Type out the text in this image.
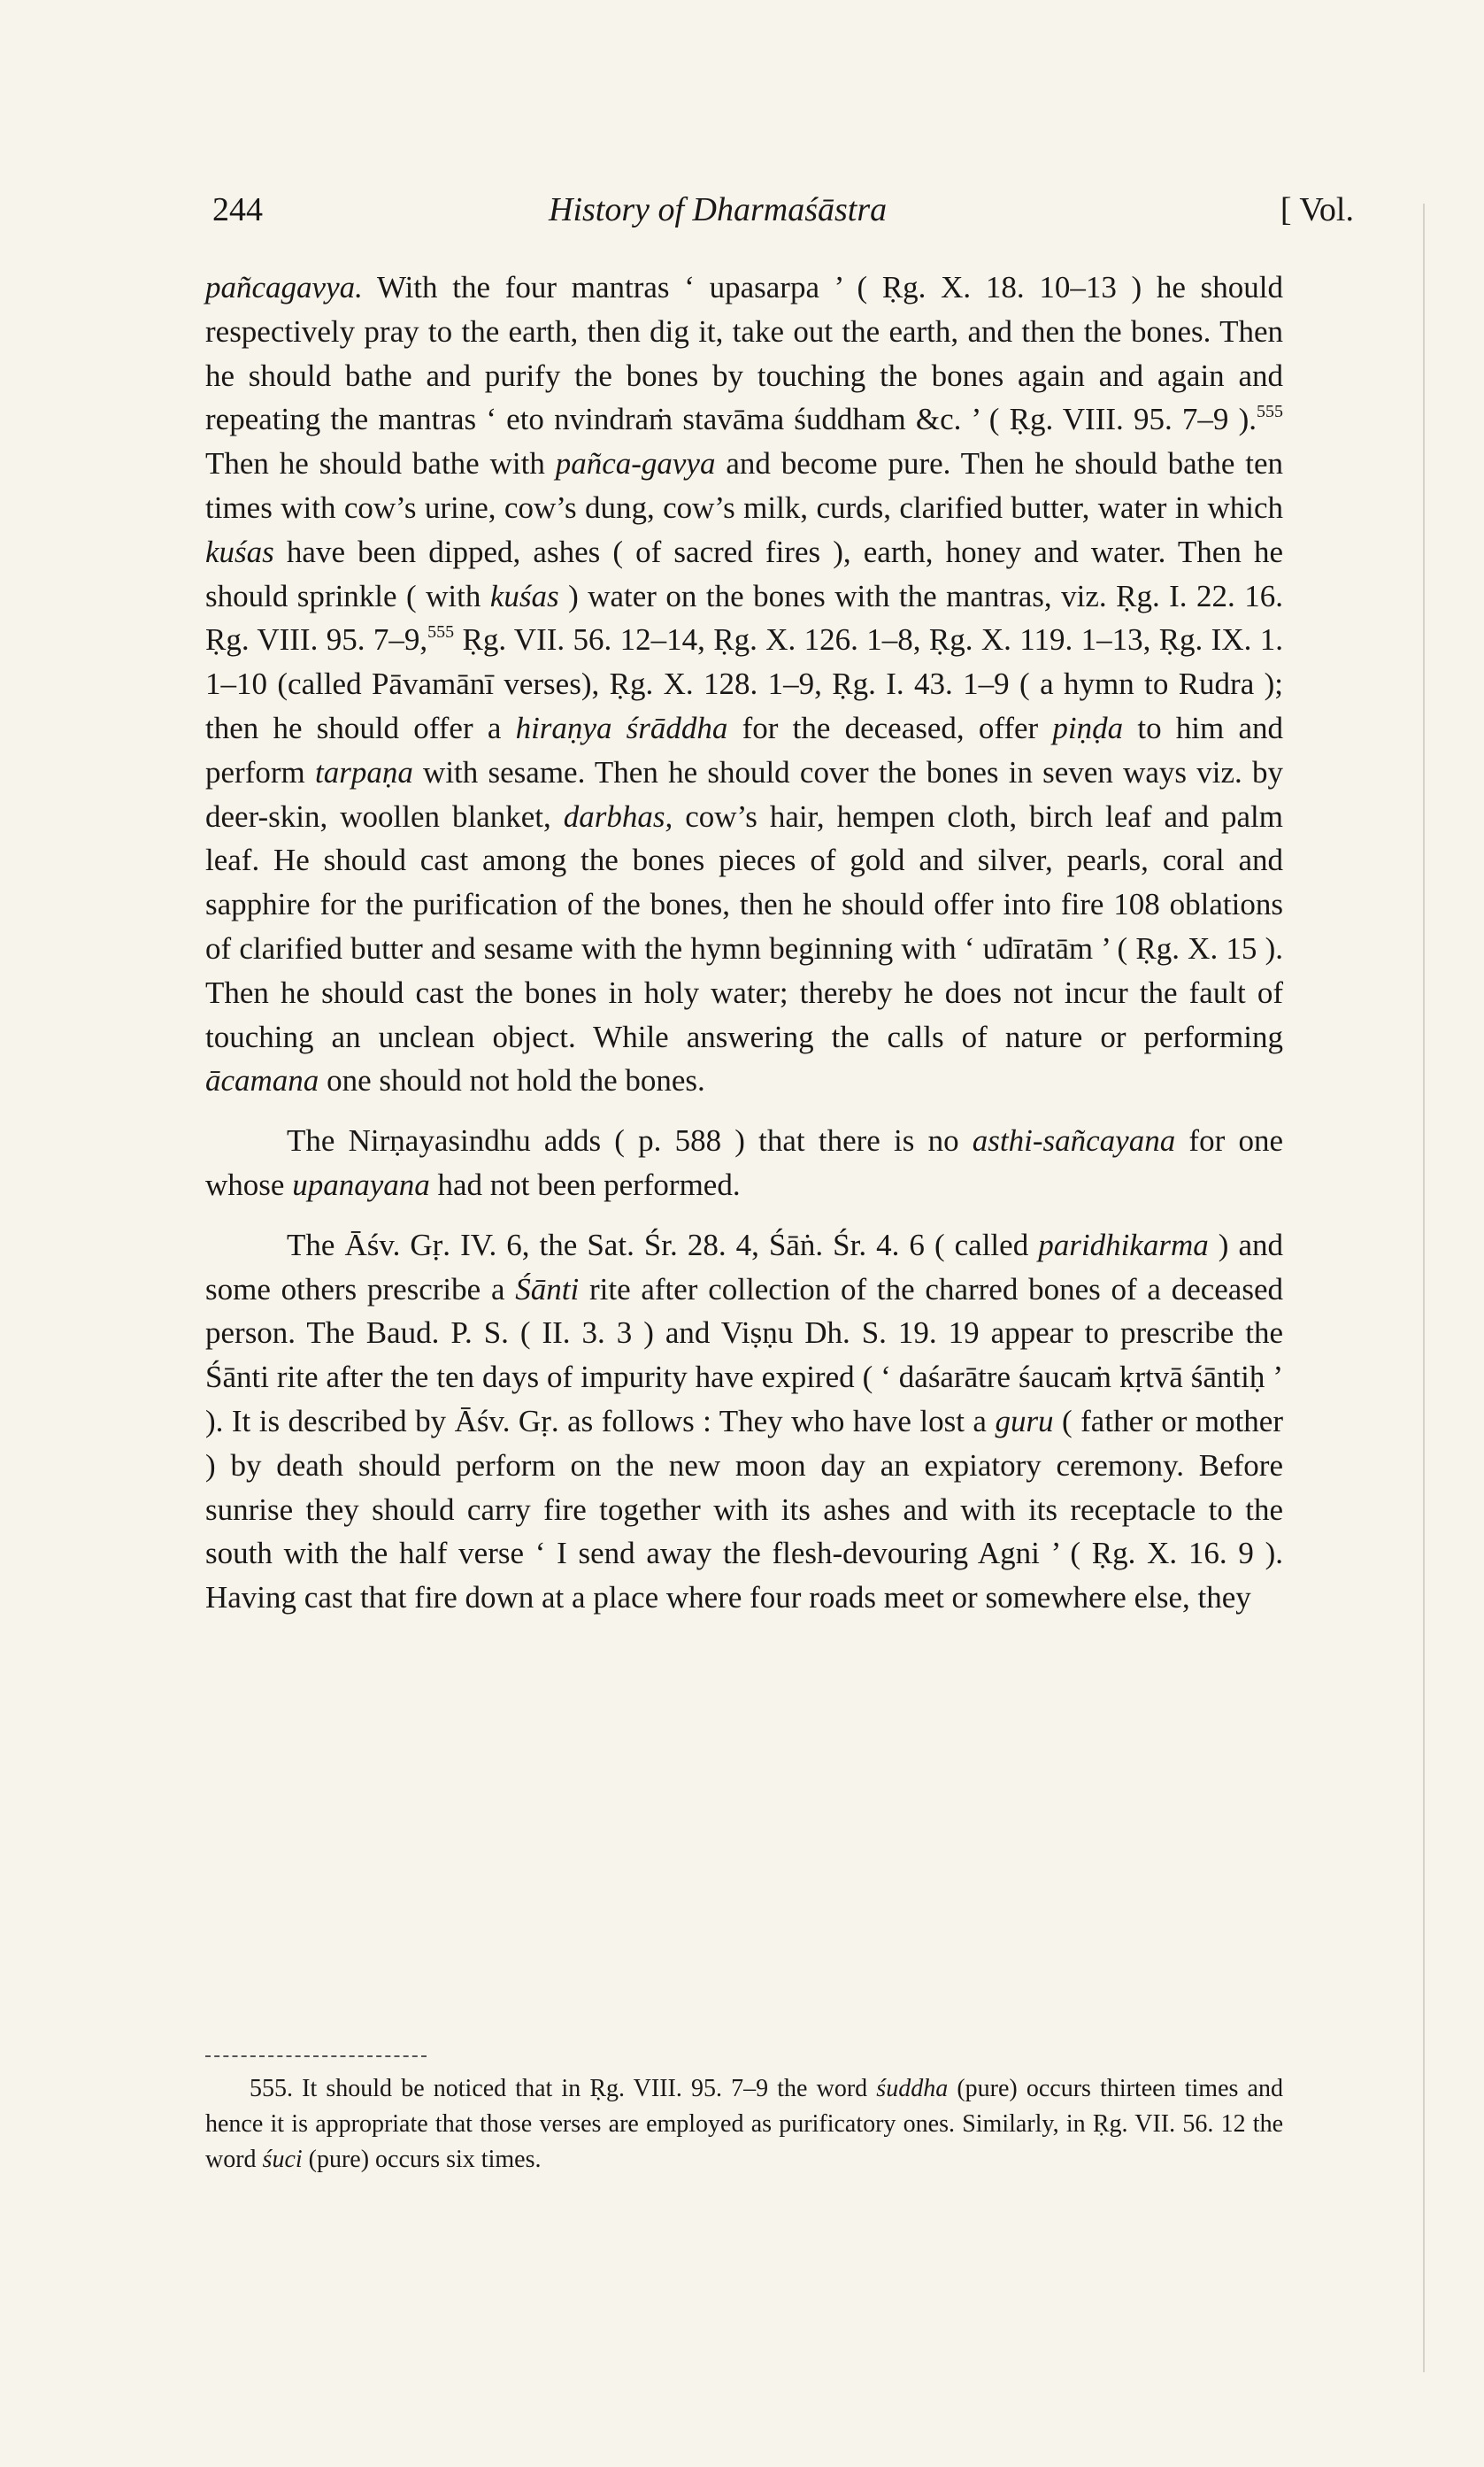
244	History of Dharmaśāstra	[ Vol.

pañcagavya. With the four mantras ‘ upasarpa ’ ( Ṛg. X. 18. 10–13 ) he should respectively pray to the earth, then dig it, take out the earth, and then the bones. Then he should bathe and purify the bones by touching the bones again and again and repeating the mantras ‘ eto nvindraṁ stavāma śuddham &c. ’ ( Ṛg. VIII. 95. 7–9 ).$^{555}$ Then he should bathe with pañca-gavya and become pure. Then he should bathe ten times with cow’s urine, cow’s dung, cow’s milk, curds, clarified butter, water in which kuśas have been dipped, ashes ( of sacred fires ), earth, honey and water. Then he should sprinkle ( with kuśas ) water on the bones with the mantras, viz. Ṛg. I. 22. 16. Ṛg. VIII. 95. 7–9,$^{555}$ Ṛg. VII. 56. 12–14, Ṛg. X. 126. 1–8, Ṛg. X. 119. 1–13, Ṛg. IX. 1. 1–10 (called Pāvamānī verses), Ṛg. X. 128. 1–9, Ṛg. I. 43. 1–9 ( a hymn to Rudra ); then he should offer a hiraṇya śrāddha for the deceased, offer piṇḍa to him and perform tarpaṇa with sesame. Then he should cover the bones in seven ways viz. by deer-skin, woollen blanket, darbhas, cow’s hair, hempen cloth, birch leaf and palm leaf. He should cast among the bones pieces of gold and silver, pearls, coral and sapphire for the purification of the bones, then he should offer into fire 108 oblations of clarified butter and sesame with the hymn beginning with ‘ udīratām ’ ( Ṛg. X. 15 ). Then he should cast the bones in holy water; thereby he does not incur the fault of touching an unclean object. While answering the calls of nature or performing ācamana one should not hold the bones.

The Nirṇayasindhu adds ( p. 588 ) that there is no asthi-sañcayana for one whose upanayana had not been performed.

The Āśv. Gṛ. IV. 6, the Sat. Śr. 28. 4, Śāṅ. Śr. 4. 6 ( called paridhikarma ) and some others prescribe a Śānti rite after collection of the charred bones of a deceased person. The Baud. P. S. ( II. 3. 3 ) and Viṣṇu Dh. S. 19. 19 appear to prescribe the Śānti rite after the ten days of impurity have expired ( ‘ daśarātre śaucaṁ kṛtvā śāntiḥ ’ ). It is described by Āśv. Gṛ. as follows : They who have lost a guru ( father or mother ) by death should perform on the new moon day an expiatory ceremony. Before sunrise they should carry fire together with its ashes and with its receptacle to the south with the half verse ‘ I send away the flesh-devouring Agni ’ ( Ṛg. X. 16. 9 ). Having cast that fire down at a place where four roads meet or somewhere else, they

555. It should be noticed that in Ṛg. VIII. 95. 7–9 the word śuddha (pure) occurs thirteen times and hence it is appropriate that those verses are employed as purificatory ones. Similarly, in Ṛg. VII. 56. 12 the word śuci (pure) occurs six times.
